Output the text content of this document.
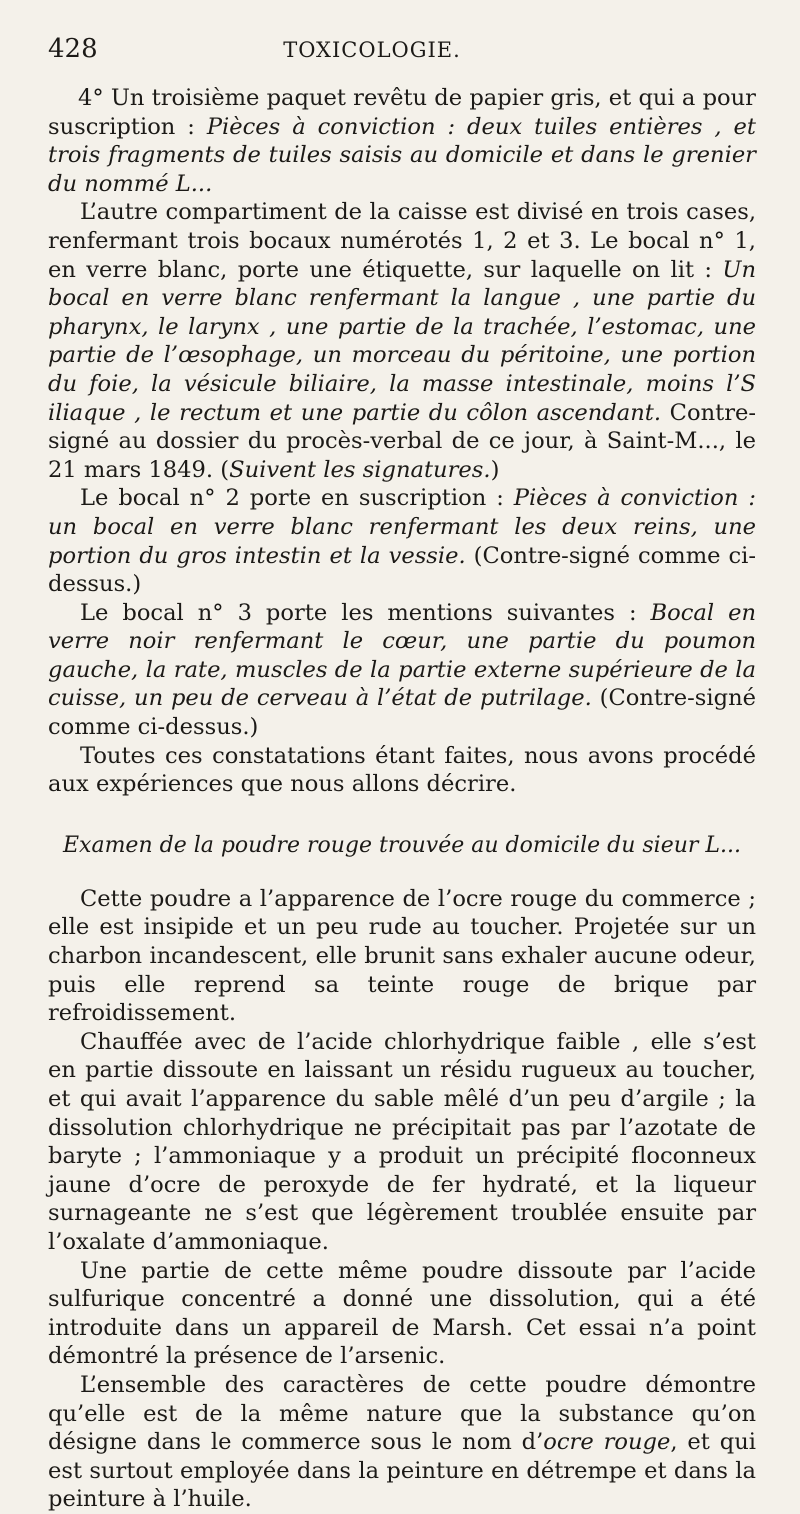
428	TOXICOLOGIE.

4° Un troisième paquet revêtu de papier gris, et qui a pour suscription : Pièces à conviction : deux tuiles entières , et trois fragments de tuiles saisis au domicile et dans le grenier du nommé L...

L’autre compartiment de la caisse est divisé en trois cases, renfermant trois bocaux numérotés 1, 2 et 3. Le bocal n° 1, en verre blanc, porte une étiquette, sur laquelle on lit : Un bocal en verre blanc renfermant la langue , une partie du pharynx, le larynx , une partie de la trachée, l’estomac, une partie de l’œsophage, un morceau du péritoine, une portion du foie, la vésicule biliaire, la masse intestinale, moins l’S iliaque , le rectum et une partie du côlon ascendant. Contre-signé au dossier du procès-verbal de ce jour, à Saint-M..., le 21 mars 1849. (Suivent les signatures.)

Le bocal n° 2 porte en suscription : Pièces à conviction : un bocal en verre blanc renfermant les deux reins, une portion du gros intestin et la vessie. (Contre-signé comme ci-dessus.)

Le bocal n° 3 porte les mentions suivantes : Bocal en verre noir renfermant le cœur, une partie du poumon gauche, la rate, muscles de la partie externe supérieure de la cuisse, un peu de cerveau à l’état de putrilage. (Contre-signé comme ci-dessus.)

Toutes ces constatations étant faites, nous avons procédé aux expériences que nous allons décrire.

Examen de la poudre rouge trouvée au domicile du sieur L...

Cette poudre a l’apparence de l’ocre rouge du commerce ; elle est insipide et un peu rude au toucher. Projetée sur un charbon incandescent, elle brunit sans exhaler aucune odeur, puis elle reprend sa teinte rouge de brique par refroidissement.

Chauffée avec de l’acide chlorhydrique faible , elle s’est en partie dissoute en laissant un résidu rugueux au toucher, et qui avait l’apparence du sable mêlé d’un peu d’argile ; la dissolution chlorhydrique ne précipitait pas par l’azotate de baryte ; l’ammoniaque y a produit un précipité floconneux jaune d’ocre de peroxyde de fer hydraté, et la liqueur surnageante ne s’est que légèrement troublée ensuite par l’oxalate d’ammoniaque.

Une partie de cette même poudre dissoute par l’acide sulfurique concentré a donné une dissolution, qui a été introduite dans un appareil de Marsh. Cet essai n’a point démontré la présence de l’arsenic.

L’ensemble des caractères de cette poudre démontre qu’elle est de la même nature que la substance qu’on désigne dans le commerce sous le nom d’ocre rouge, et qui est surtout employée dans la peinture en détrempe et dans la peinture à l’huile.
